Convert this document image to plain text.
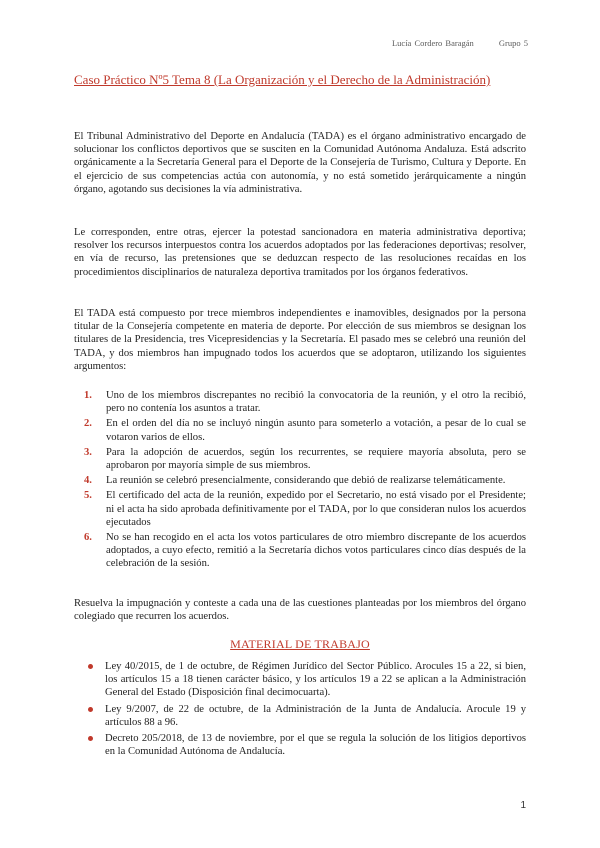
Lucía Cordero Baragán	Grupo 5
Caso Práctico Nº5 Tema 8 (La Organización y el Derecho de la Administración)

El Tribunal Administrativo del Deporte en Andalucía (TADA) es el órgano administrativo encargado de solucionar los conflictos deportivos que se susciten en la Comunidad Autónoma Andaluza. Está adscrito orgánicamente a la Secretaría General para el Deporte de la Consejería de Turismo, Cultura y Deporte. En el ejercicio de sus competencias actúa con autonomía, y no está sometido jerárquicamente a ningún órgano, agotando sus decisiones la vía administrativa.

Le corresponden, entre otras, ejercer la potestad sancionadora en materia administrativa deportiva; resolver los recursos interpuestos contra los acuerdos adoptados por las federaciones deportivas; resolver, en vía de recurso, las pretensiones que se deduzcan respecto de las resoluciones recaídas en los procedimientos disciplinarios de naturaleza deportiva tramitados por los órganos federativos.

El TADA está compuesto por trece miembros independientes e inamovibles, designados por la persona titular de la Consejería competente en materia de deporte. Por elección de sus miembros se designan los titulares de la Presidencia, tres Vicepresidencias y la Secretaría. El pasado mes se celebró una reunión del TADA, y dos miembros han impugnado todos los acuerdos que se adoptaron, utilizando los siguientes argumentos:

1. Uno de los miembros discrepantes no recibió la convocatoria de la reunión, y el otro la recibió, pero no contenía los asuntos a tratar.
2. En el orden del día no se incluyó ningún asunto para someterlo a votación, a pesar de lo cual se votaron varios de ellos.
3. Para la adopción de acuerdos, según los recurrentes, se requiere mayoría absoluta, pero se aprobaron por mayoría simple de sus miembros.
4. La reunión se celebró presencialmente, considerando que debió de realizarse telemáticamente.
5. El certificado del acta de la reunión, expedido por el Secretario, no está visado por el Presidente; ni el acta ha sido aprobada definitivamente por el TADA, por lo que consideran nulos los acuerdos ejecutados
6. No se han recogido en el acta los votos particulares de otro miembro discrepante de los acuerdos adoptados, a cuyo efecto, remitió a la Secretaría dichos votos particulares cinco días después de la celebración de la sesión.

Resuelva la impugnación y conteste a cada una de las cuestiones planteadas por los miembros del órgano colegiado que recurren los acuerdos.

MATERIAL DE TRABAJO
Ley 40/2015, de 1 de octubre, de Régimen Jurídico del Sector Público. Arocules 15 a 22, si bien, los artículos 15 a 18 tienen carácter básico, y los artículos 19 a 22 se aplican a la Administración General del Estado (Disposición final decimocuarta).
Ley 9/2007, de 22 de octubre, de la Administración de la Junta de Andalucía. Arocule 19 y artículos 88 a 96.
Decreto 205/2018, de 13 de noviembre, por el que se regula la solución de los litigios deportivos en la Comunidad Autónoma de Andalucía.
1
